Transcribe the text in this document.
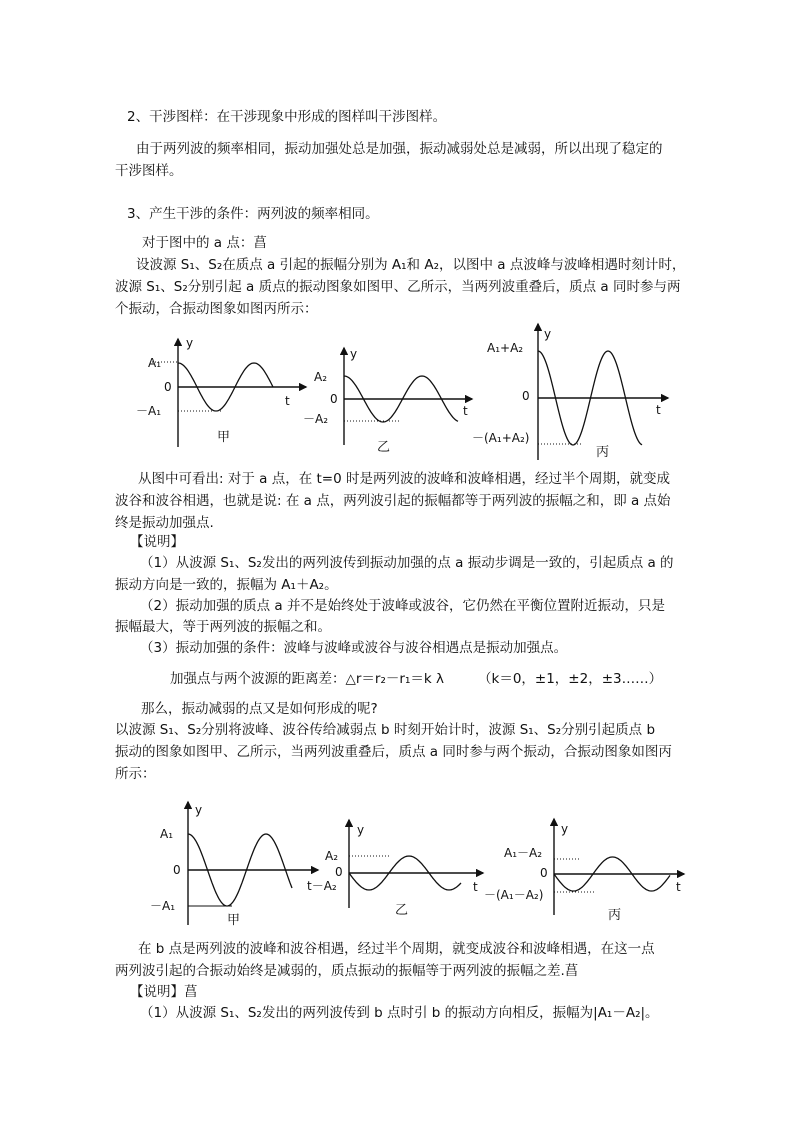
2、干涉图样：在干涉现象中形成的图样叫干涉图样。
由于两列波的频率相同，振动加强处总是加强，振动减弱处总是减弱，所以出现了稳定的
干涉图样。
3、产生干涉的条件：两列波的频率相同。
对于图中的 a 点：菖
设波源 S₁、S₂在质点 a 引起的振幅分别为 A₁和 A₂，以图中 a 点波峰与波峰相遇时刻计时，
波源 S₁、S₂分别引起 a 质点的振动图象如图甲、乙所示，当两列波重叠后，质点 a 同时参与两
个振动，合振动图象如图丙所示：
y
t
A₁
0
－A₁
甲
y
t
A₂
0
－A₂
乙
y
t
A₁+A₂
0
－(A₁+A₂)
丙
从图中可看出: 对于 a 点，在 t=0 时是两列波的波峰和波峰相遇，经过半个周期，就变成
波谷和波谷相遇，也就是说: 在 a 点，两列波引起的振幅都等于两列波的振幅之和，即 a 点始
终是振动加强点.
【说明】
（1）从波源 S₁、S₂发出的两列波传到振动加强的点 a 振动步调是一致的，引起质点 a 的
振动方向是一致的，振幅为 A₁＋A₂。
（2）振动加强的质点 a 并不是始终处于波峰或波谷，它仍然在平衡位置附近振动，只是
振幅最大，等于两列波的振幅之和。
（3）振动加强的条件：波峰与波峰或波谷与波谷相遇点是振动加强点。
加强点与两个波源的距离差：△r＝r₂－r₁＝k λ	（k＝0，±1，±2，±3……）
那么，振动减弱的点又是如何形成的呢?
以波源 S₁、S₂分别将波峰、波谷传给减弱点 b 时刻开始计时，波源 S₁、S₂分别引起质点 b
振动的图象如图甲、乙所示，当两列波重叠后，质点 a 同时参与两个振动，合振动图象如图丙
所示：
y
A₁
0
－A₁
甲
y
t
A₂
0
t－A₂
乙
y
t
A₁－A₂
0
－(A₁－A₂)
丙
在 b 点是两列波的波峰和波谷相遇，经过半个周期，就变成波谷和波峰相遇，在这一点
两列波引起的合振动始终是减弱的，质点振动的振幅等于两列波的振幅之差.菖
【说明】菖
（1）从波源 S₁、S₂发出的两列波传到 b 点时引 b 的振动方向相反，振幅为|A₁－A₂|。
